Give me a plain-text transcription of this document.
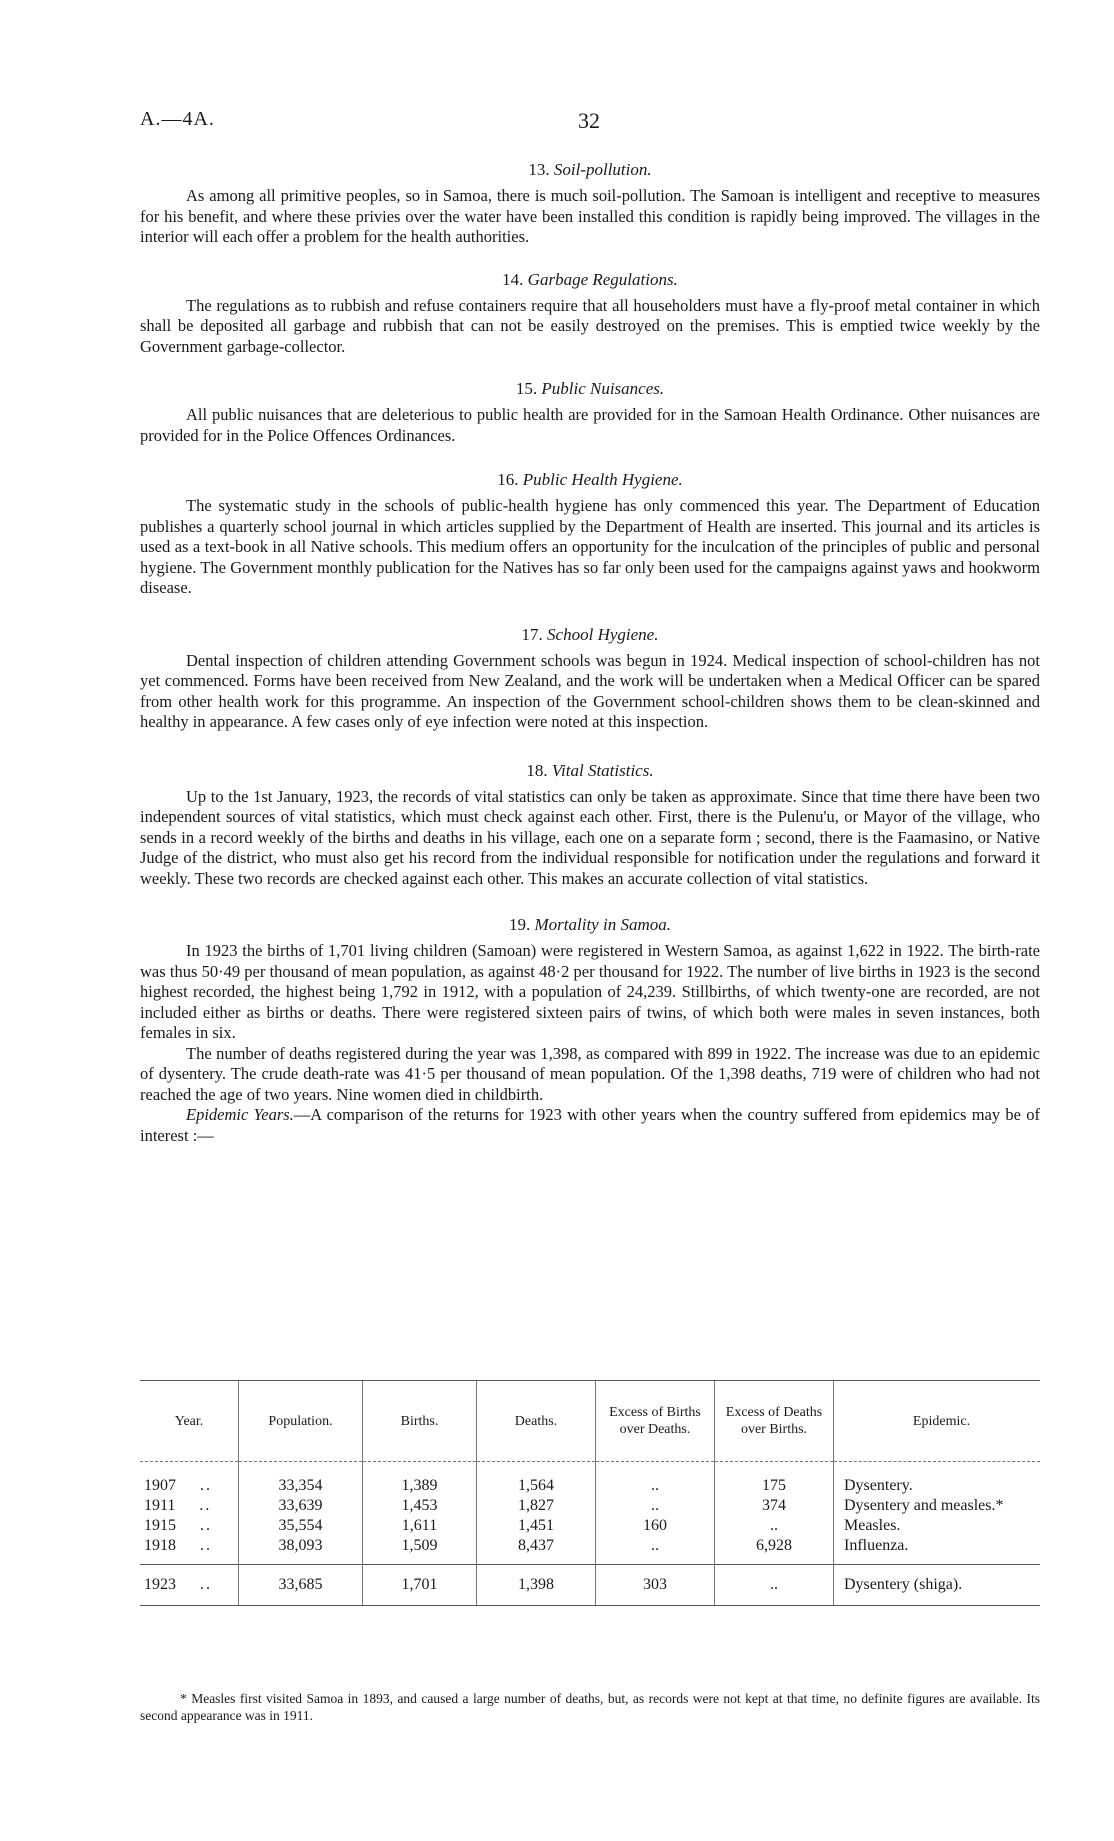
A.—4A.	32
13. Soil-pollution.

As among all primitive peoples, so in Samoa, there is much soil-pollution. The Samoan is intelligent and receptive to measures for his benefit, and where these privies over the water have been installed this condition is rapidly being improved. The villages in the interior will each offer a problem for the health authorities.

14. Garbage Regulations.

The regulations as to rubbish and refuse containers require that all householders must have a fly-proof metal container in which shall be deposited all garbage and rubbish that can not be easily destroyed on the premises. This is emptied twice weekly by the Government garbage-collector.

15. Public Nuisances.

All public nuisances that are deleterious to public health are provided for in the Samoan Health Ordinance. Other nuisances are provided for in the Police Offences Ordinances.

16. Public Health Hygiene.

The systematic study in the schools of public-health hygiene has only commenced this year. The Department of Education publishes a quarterly school journal in which articles supplied by the Department of Health are inserted. This journal and its articles is used as a text-book in all Native schools. This medium offers an opportunity for the inculcation of the principles of public and personal hygiene. The Government monthly publication for the Natives has so far only been used for the campaigns against yaws and hookworm disease.

17. School Hygiene.

Dental inspection of children attending Government schools was begun in 1924. Medical inspection of school-children has not yet commenced. Forms have been received from New Zealand, and the work will be undertaken when a Medical Officer can be spared from other health work for this programme. An inspection of the Government school-children shows them to be clean-skinned and healthy in appearance. A few cases only of eye infection were noted at this inspection.

18. Vital Statistics.

Up to the 1st January, 1923, the records of vital statistics can only be taken as approximate. Since that time there have been two independent sources of vital statistics, which must check against each other. First, there is the Pulenu'u, or Mayor of the village, who sends in a record weekly of the births and deaths in his village, each one on a separate form ; second, there is the Faamasino, or Native Judge of the district, who must also get his record from the individual responsible for notification under the regulations and forward it weekly. These two records are checked against each other. This makes an accurate collection of vital statistics.

19. Mortality in Samoa.

In 1923 the births of 1,701 living children (Samoan) were registered in Western Samoa, as against 1,622 in 1922. The birth-rate was thus 50·49 per thousand of mean population, as against 48·2 per thousand for 1922. The number of live births in 1923 is the second highest recorded, the highest being 1,792 in 1912, with a population of 24,239. Stillbirths, of which twenty-one are recorded, are not included either as births or deaths. There were registered sixteen pairs of twins, of which both were males in seven instances, both females in six.

The number of deaths registered during the year was 1,398, as compared with 899 in 1922. The increase was due to an epidemic of dysentery. The crude death-rate was 41·5 per thousand of mean population. Of the 1,398 deaths, 719 were of children who had not reached the age of two years. Nine women died in childbirth.

Epidemic Years.—A comparison of the returns for 1923 with other years when the country suffered from epidemics may be of interest :—

Year.	Population.	Births.	Deaths.	Excess of Births over Deaths.	Excess of Deaths over Births.	Epidemic.

1907 ..	33,354	1,389	1,564	..	175	Dysentery.
1911 ..	33,639	1,453	1,827	..	374	Dysentery and measles.*
1915 ..	35,554	1,611	1,451	160	..	Measles.
1918 ..	38,093	1,509	8,437	..	6,928	Influenza.
1923 ..	33,685	1,701	1,398	303	..	Dysentery (shiga).

* Measles first visited Samoa in 1893, and caused a large number of deaths, but, as records were not kept at that time, no definite figures are available. Its second appearance was in 1911.
